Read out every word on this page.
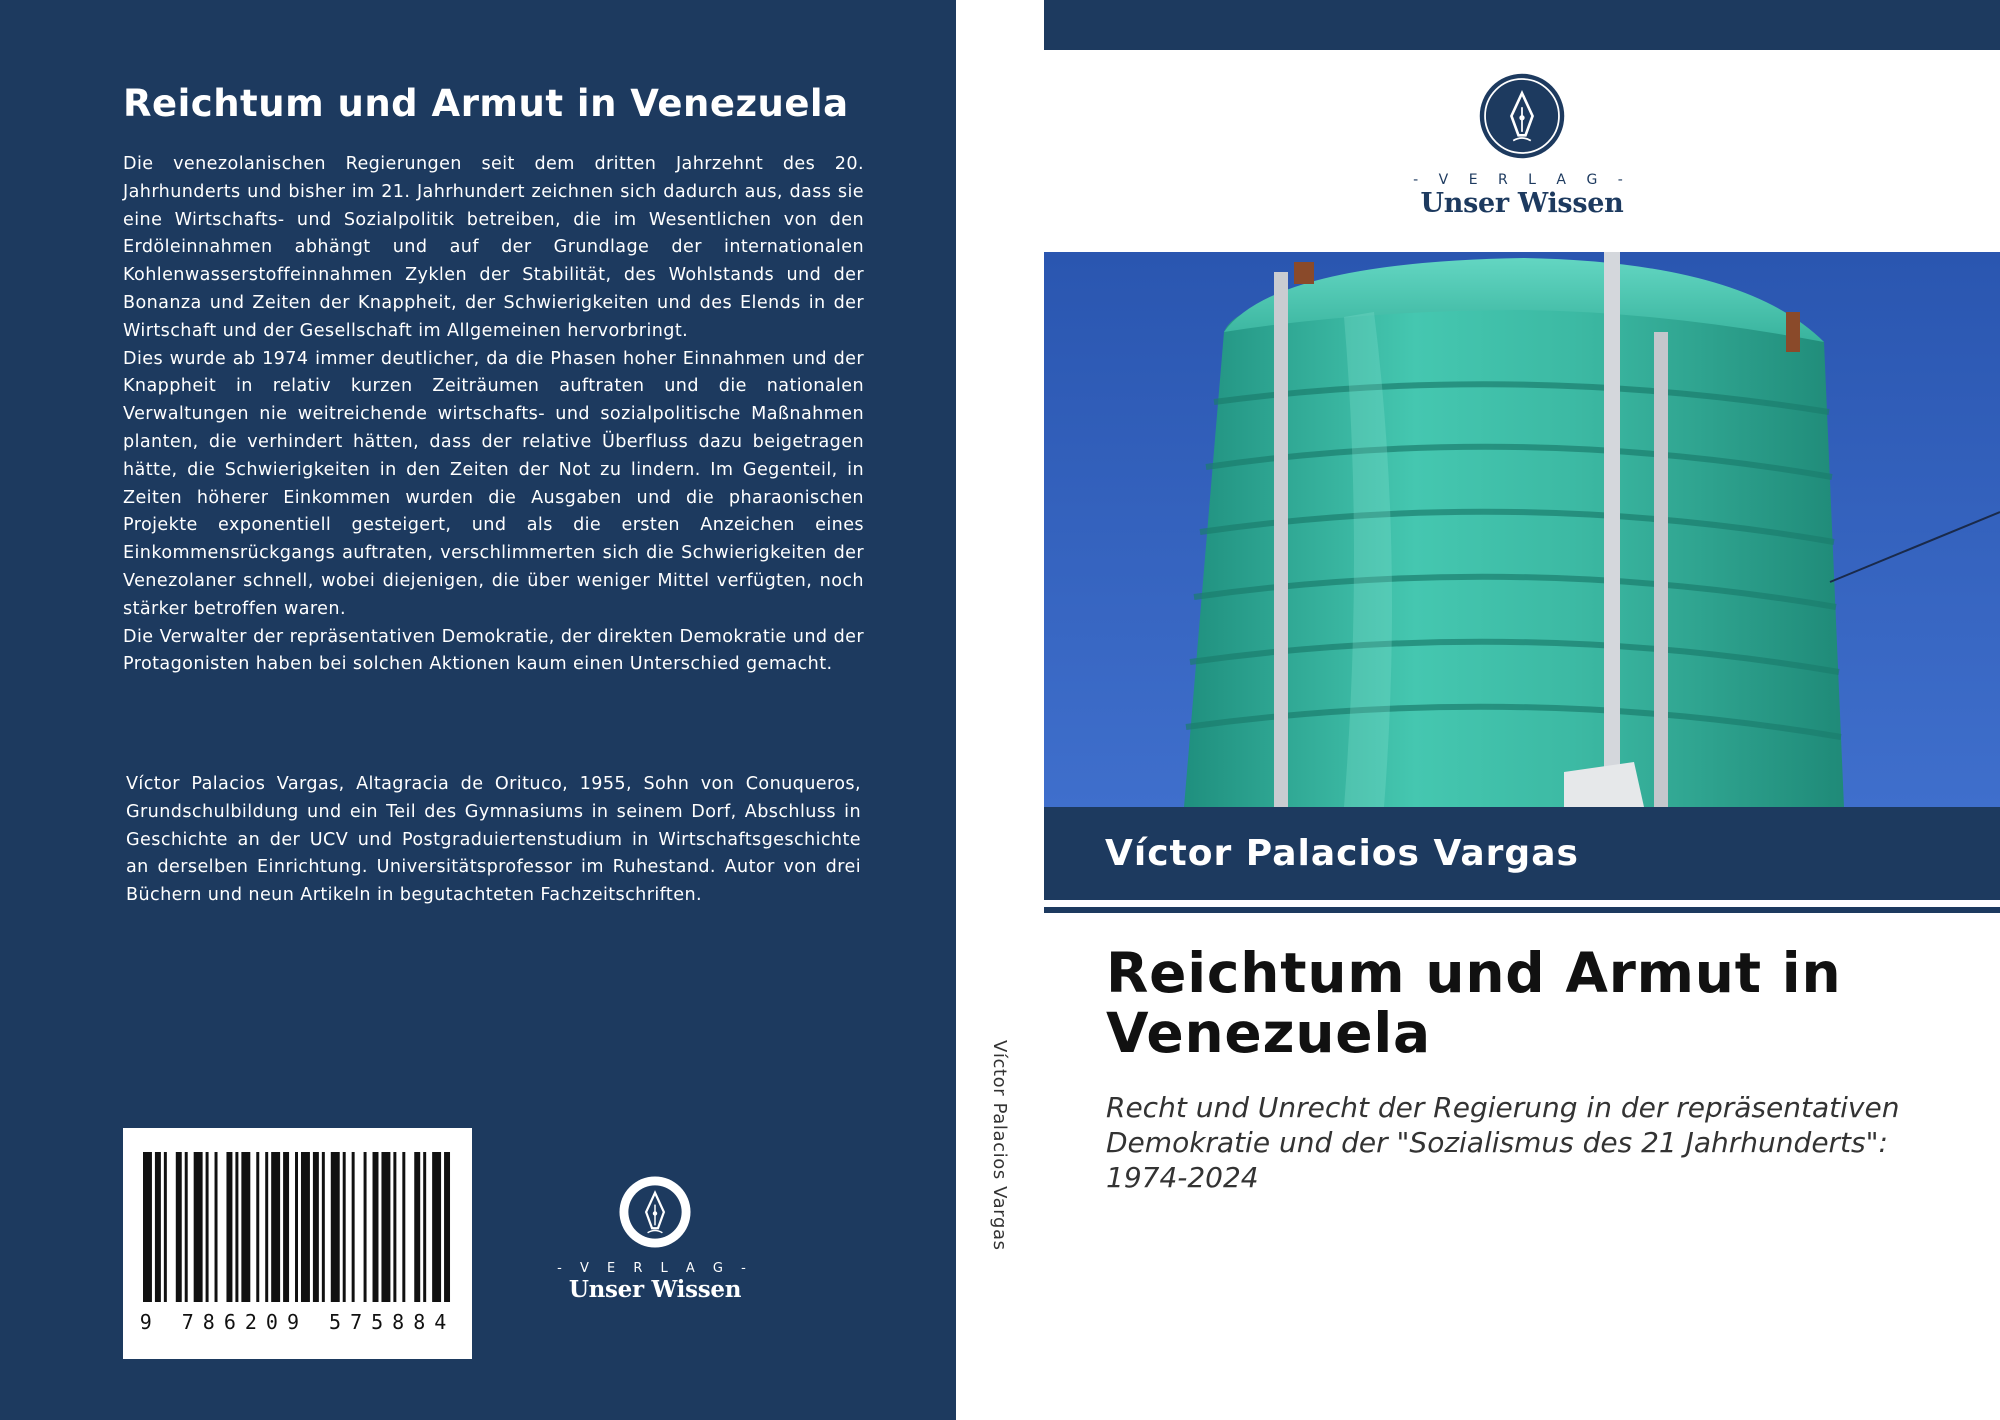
Reichtum und Armut in Venezuela

Die venezolanischen Regierungen seit dem dritten Jahrzehnt des 20. Jahrhunderts und bisher im 21. Jahrhundert zeichnen sich dadurch aus, dass sie eine Wirtschafts- und Sozialpolitik betreiben, die im Wesentlichen von den Erdöleinnahmen abhängt und auf der Grundlage der internationalen Kohlenwasserstoffeinnahmen Zyklen der Stabilität, des Wohlstands und der Bonanza und Zeiten der Knappheit, der Schwierigkeiten und des Elends in der Wirtschaft und der Gesellschaft im Allgemeinen hervorbringt.

Dies wurde ab 1974 immer deutlicher, da die Phasen hoher Einnahmen und der Knappheit in relativ kurzen Zeiträumen auftraten und die nationalen Verwaltungen nie weitreichende wirtschafts- und sozialpolitische Maßnahmen planten, die verhindert hätten, dass der relative Überfluss dazu beigetragen hätte, die Schwierigkeiten in den Zeiten der Not zu lindern. Im Gegenteil, in Zeiten höherer Einkommen wurden die Ausgaben und die pharaonischen Projekte exponentiell gesteigert, und als die ersten Anzeichen eines Einkommensrückgangs auftraten, verschlimmerten sich die Schwierigkeiten der Venezolaner schnell, wobei diejenigen, die über weniger Mittel verfügten, noch stärker betroffen waren.

Die Verwalter der repräsentativen Demokratie, der direkten Demokratie und der Protagonisten haben bei solchen Aktionen kaum einen Unterschied gemacht.

Víctor Palacios Vargas, Altagracia de Orituco, 1955, Sohn von Conuqueros, Grundschulbildung und ein Teil des Gymnasiums in seinem Dorf, Abschluss in Geschichte an der UCV und Postgraduiertenstudium in Wirtschaftsgeschichte an derselben Einrichtung. Universitätsprofessor im Ruhestand. Autor von drei Büchern und neun Artikeln in begutachteten Fachzeitschriften.
9 786209 575884
- V E R L A G -
Unser Wissen
Víctor Palacios Vargas
- V E R L A G -
Unser Wissen
Víctor Palacios Vargas
Reichtum und Armut in Venezuela
Recht und Unrecht der Regierung in der repräsentativen Demokratie und der "Sozialismus des 21 Jahrhunderts": 1974-2024
